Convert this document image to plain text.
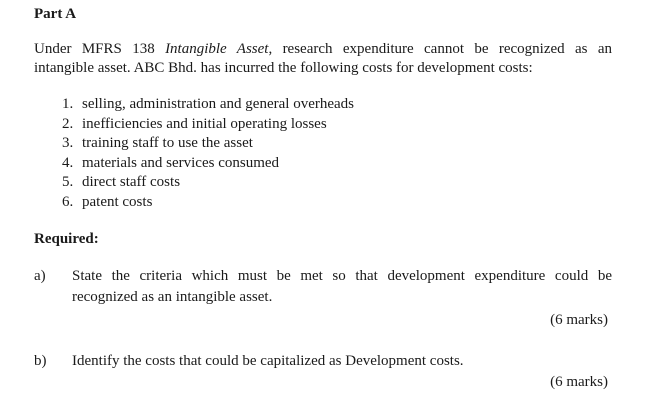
Part A
Under MFRS 138 Intangible Asset, research expenditure cannot be recognized as an
intangible asset. ABC Bhd. has incurred the following costs for development costs:
1. selling, administration and general overheads
2. inefficiencies and initial operating losses
3. training staff to use the asset
4. materials and services consumed
5. direct staff costs
6. patent costs
Required:
a) State the criteria which must be met so that development expenditure could be
recognized as an intangible asset.
(6 marks)
b) Identify the costs that could be capitalized as Development costs.
(6 marks)
